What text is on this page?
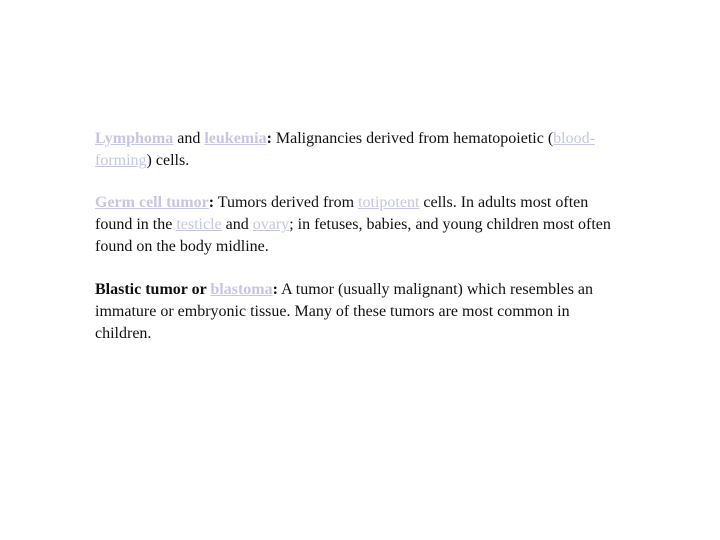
Lymphoma and leukemia: Malignancies derived from hematopoietic (blood-forming) cells.

Germ cell tumor: Tumors derived from totipotent cells. In adults most often found in the testicle and ovary; in fetuses, babies, and young children most often found on the body midline.

Blastic tumor or blastoma: A tumor (usually malignant) which resembles an immature or embryonic tissue. Many of these tumors are most common in children.
